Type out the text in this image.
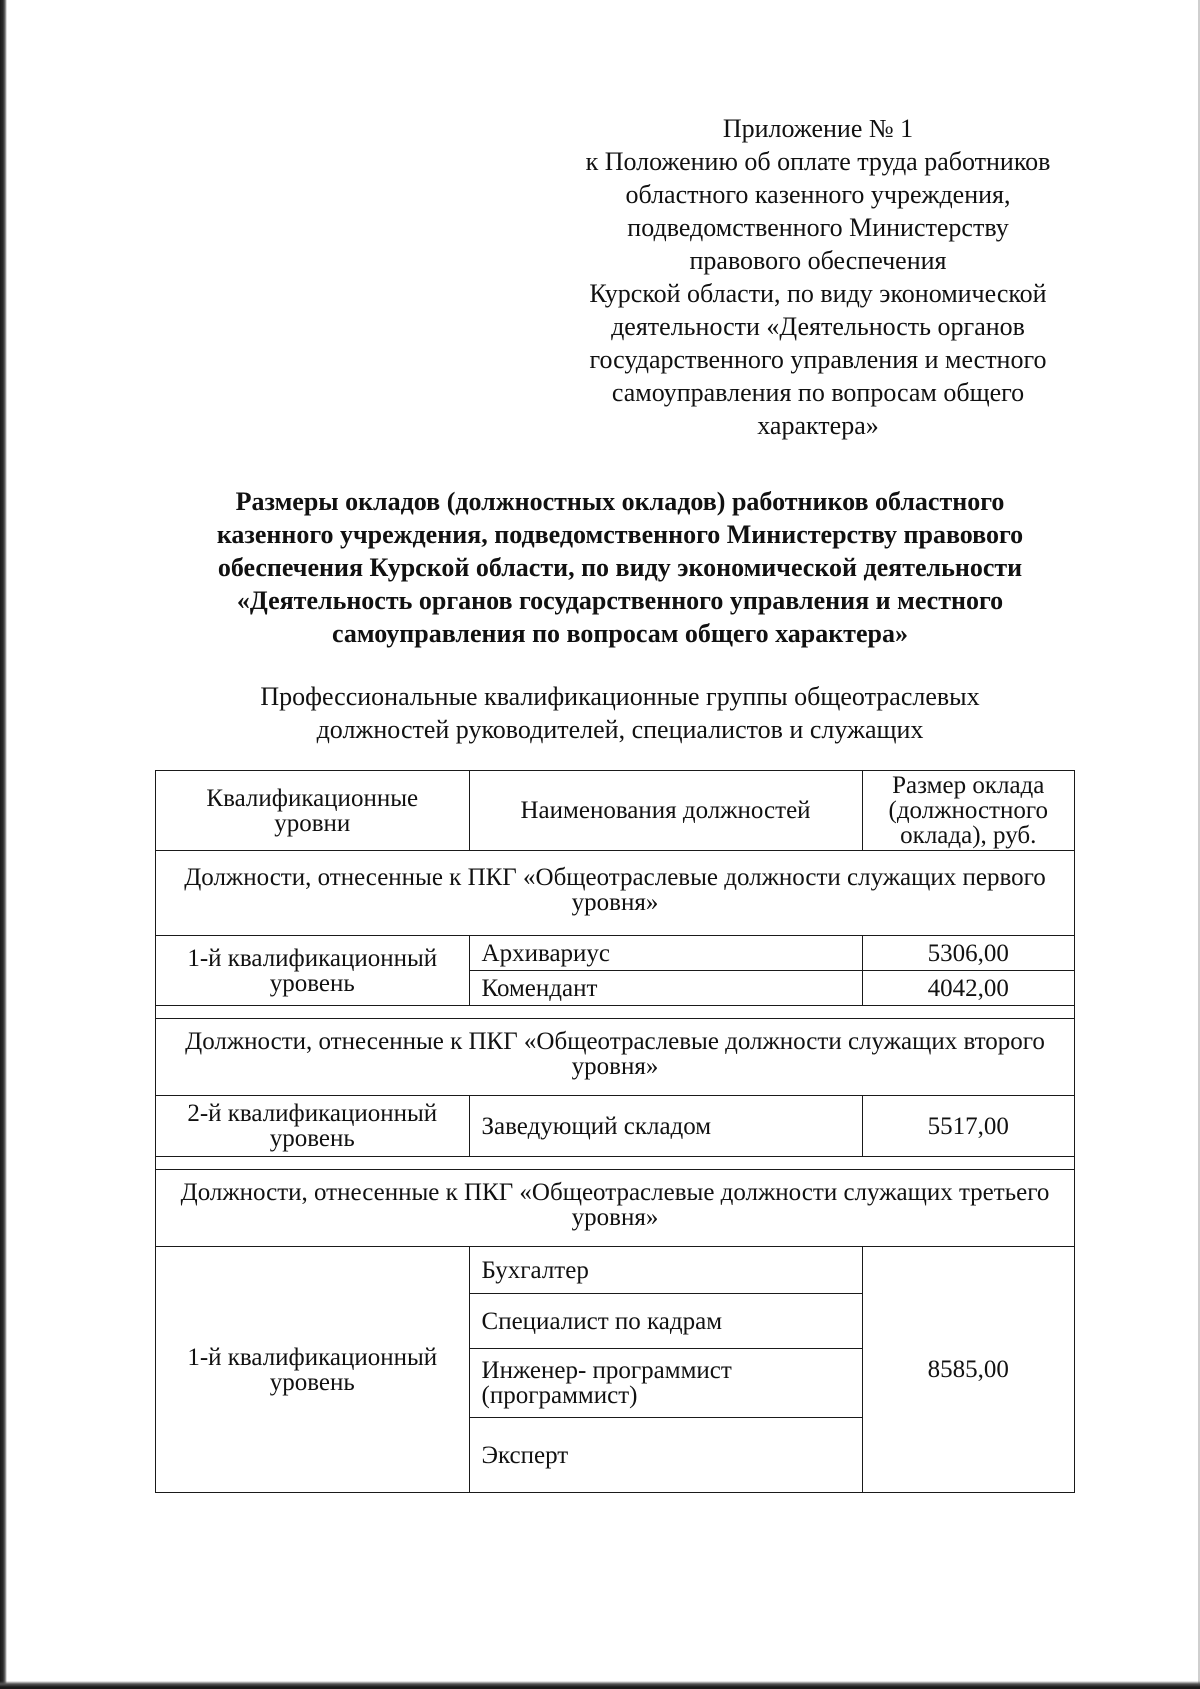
Приложение № 1
к Положению об оплате труда работников
областного казенного учреждения,
подведомственного Министерству
правового обеспечения
Курской области, по виду экономической
деятельности «Деятельность органов
государственного управления и местного
самоуправления по вопросам общего
характера»
Размеры окладов (должностных окладов) работников областного
казенного учреждения, подведомственного Министерству правового
обеспечения Курской области, по виду экономической деятельности
«Деятельность органов государственного управления и местного
самоуправления по вопросам общего характера»
Профессиональные квалификационные группы общеотраслевых
должностей руководителей, специалистов и служащих
Квалификационные уровни	Наименования должностей	Размер оклада (должностного оклада), руб.
Должности, отнесенные к ПКГ «Общеотраслевые должности служащих первого уровня»		
1-й квалификационный уровень	Архивариус	5306,00
	Комендант	4042,00

Должности, отнесенные к ПКГ «Общеотраслевые должности служащих второго уровня»		
2-й квалификационный уровень	Заведующий складом	5517,00

Должности, отнесенные к ПКГ «Общеотраслевые должности служащих третьего уровня»		
1-й квалификационный уровень	Бухгалтер	8585,00
	Специалист по кадрам	
	Инженер- программист (программист)	
	Эксперт	
